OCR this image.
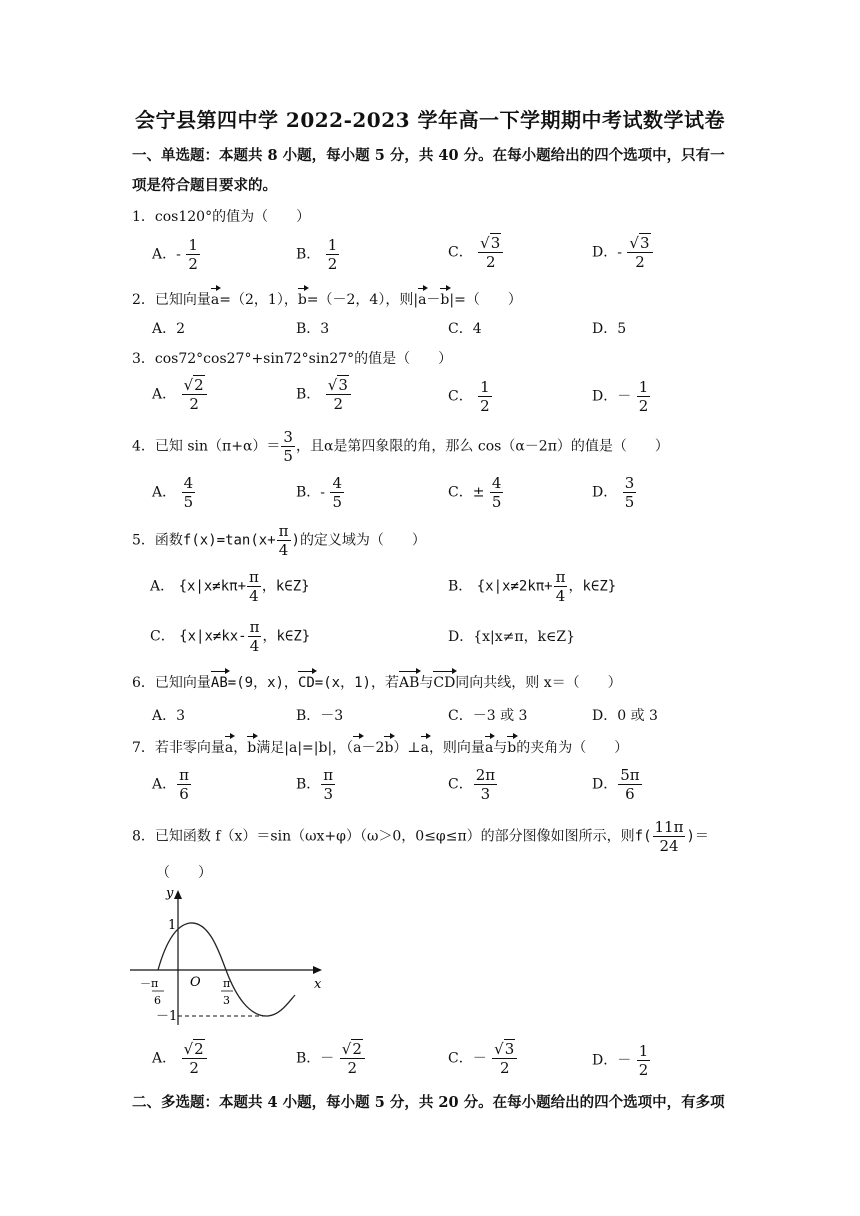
会宁县第四中学 2022-2023 学年高一下学期期中考试数学试卷
一、单选题：本题共 8 小题，每小题 5 分，共 40 分。在每小题给出的四个选项中，只有一
项是符合题目要求的。
1．cos120°的值为（　　）
A．- $\frac{1}{2}$	B． $\frac{1}{2}$	C． $\frac{√3}{2}$	D．- $\frac{√3}{2}$
2．已知向量a=（2，1），b=（－2，4），则|a－b|=（　　）
A．2	B．3	C．4	D．5
3．cos72°cos27°+sin72°sin27°的值是（　　）
A． $\frac{√2}{2}$	B． $\frac{√3}{2}$	C． $\frac{1}{2}$	D．－ $\frac{1}{2}$
4．已知 $\sin(\pi+\alpha)= \frac{3}{5}$ ，且α是第四象限的角，那么 cos（α－2π）的值是（　　）
A． $\frac{4}{5}$	B．- $\frac{4}{5}$	C．± $\frac{4}{5}$	D． $\frac{3}{5}$
5．函数$f(x)=\tan(x+ \frac{\pi}{4}$ )的定义域为（　　）
A． {$x|x\ne k\pi+ \frac{\pi}{4}$ ，k∈Z}	B． {$x|x\ne 2k\pi+ \frac{\pi}{4}$ ，k∈Z}
C． {$x|x\ne kx- \frac{\pi}{4}$ ，k∈Z}	D．{x|x≠π，k∈Z}
6．已知向量AB=(9，x)，CD=(x，1)，若AB与CD同向共线，则 x＝（　　）
A．3	B．－3	C．－3 或 3	D．0 或 3
7．若非零向量a，b满足|a|=|b|，（a－2b）⊥a，则向量a与b的夹角为（　　）
A． $\frac{\pi}{6}$	B． $\frac{\pi}{3}$	C． $\frac{2\pi}{3}$	D． $\frac{5\pi}{6}$
8．已知函数 f（x）＝sin（ωx+φ）（ω＞0，0≤φ≤π）的部分图像如图所示，则$f( \frac{11\pi}{24}$ )＝
（　　）
y
x
1
－1
O
－π
6
π
3
A． $\frac{√2}{2}$	B．－ $\frac{√2}{2}$	C．－ $\frac{√3}{2}$	D．－ $\frac{1}{2}$
二、多选题：本题共 4 小题，每小题 5 分，共 20 分。在每小题给出的四个选项中，有多项
